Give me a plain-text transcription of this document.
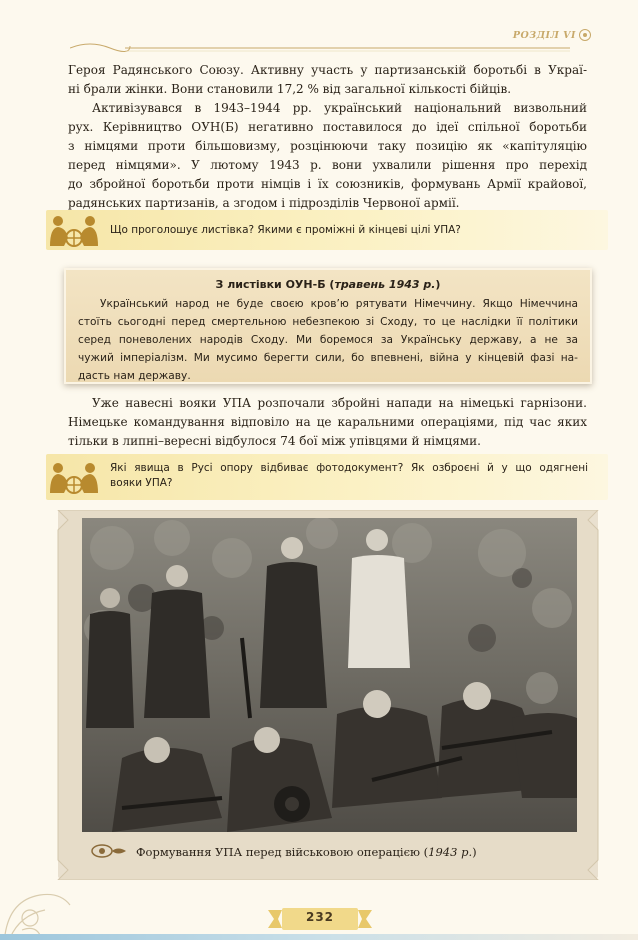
РОЗДІЛ VI
Героя Радянського Союзу. Активну участь у партизанській боротьбі в Украї-
ні брали жінки. Вони становили 17,2 % від загальної кількості бійців.
Активізувався в 1943–1944 рр. український національний визвольний
рух. Керівництво ОУН(Б) негативно поставилося до ідеї спільної боротьби
з німцями проти більшовизму, розцінюючи таку позицію як «капітуляцію
перед німцями». У лютому 1943 р. вони ухвалили рішення про перехід
до збройної боротьби проти німців і їх союзників, формувань Армії крайової,
радянських партизанів, а згодом і підрозділів Червоної армії.
Що проголошує листівка? Якими є проміжні й кінцеві цілі УПА?
З листівки ОУН-Б (травень 1943 р.)
Український народ не буде своєю кров’ю рятувати Німеччину. Якщо Німеччина
стоїть сьогодні перед смертельною небезпекою зі Сходу, то це наслідки її політики
серед поневолених народів Сходу. Ми боремося за Українську державу, а не за
чужий імперіалізм. Ми мусимо берегти сили, бо впевнені, війна у кінцевій фазі на-
дасть нам державу.
Уже навесні вояки УПА розпочали збройні напади на німецькі гарнізони.
Німецьке командування відповіло на це каральними операціями, під час яких
тільки в липні–вересні відбулося 74 бої між упівцями й німцями.
Які явища в Русі опору відбиває фотодокумент? Як озброєні й у що одягнені
вояки УПА?
Формування УПА перед військовою операцією (1943 р.)
232
